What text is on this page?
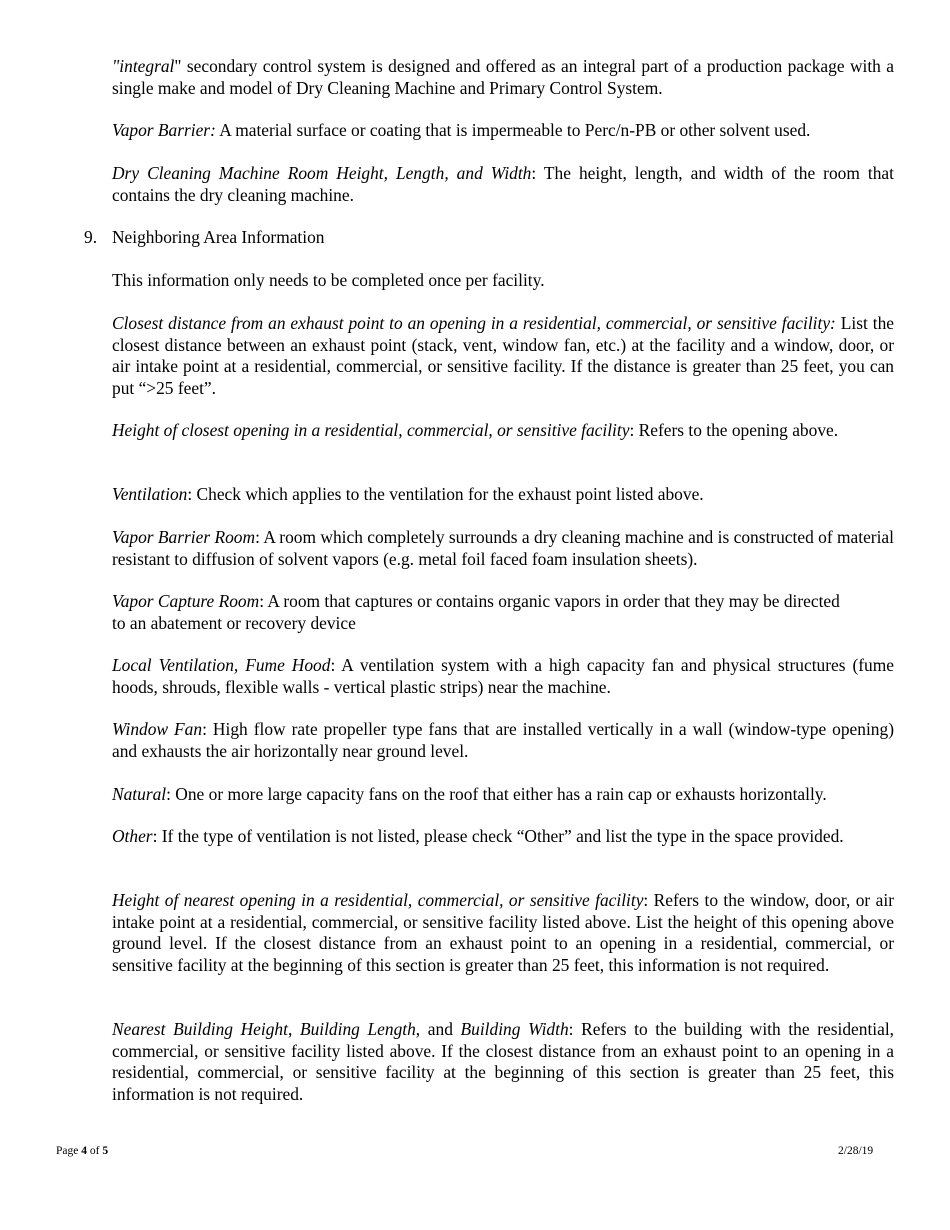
"integral" secondary control system is designed and offered as an integral part of a production package with a single make and model of Dry Cleaning Machine and Primary Control System.

Vapor Barrier: A material surface or coating that is impermeable to Perc/n-PB or other solvent used.

Dry Cleaning Machine Room Height, Length, and Width: The height, length, and width of the room that contains the dry cleaning machine.

9. Neighboring Area Information

This information only needs to be completed once per facility.

Closest distance from an exhaust point to an opening in a residential, commercial, or sensitive facility: List the closest distance between an exhaust point (stack, vent, window fan, etc.) at the facility and a window, door, or air intake point at a residential, commercial, or sensitive facility. If the distance is greater than 25 feet, you can put “>25 feet”.

Height of closest opening in a residential, commercial, or sensitive facility: Refers to the opening above.

Ventilation: Check which applies to the ventilation for the exhaust point listed above.

Vapor Barrier Room: A room which completely surrounds a dry cleaning machine and is constructed of material resistant to diffusion of solvent vapors (e.g. metal foil faced foam insulation sheets).

Vapor Capture Room: A room that captures or contains organic vapors in order that they may be directed to an abatement or recovery device

Local Ventilation, Fume Hood: A ventilation system with a high capacity fan and physical structures (fume hoods, shrouds, flexible walls - vertical plastic strips) near the machine.

Window Fan: High flow rate propeller type fans that are installed vertically in a wall (window-type opening) and exhausts the air horizontally near ground level.

Natural: One or more large capacity fans on the roof that either has a rain cap or exhausts horizontally.

Other: If the type of ventilation is not listed, please check “Other” and list the type in the space provided.

Height of nearest opening in a residential, commercial, or sensitive facility: Refers to the window, door, or air intake point at a residential, commercial, or sensitive facility listed above. List the height of this opening above ground level. If the closest distance from an exhaust point to an opening in a residential, commercial, or sensitive facility at the beginning of this section is greater than 25 feet, this information is not required.

Nearest Building Height, Building Length, and Building Width: Refers to the building with the residential, commercial, or sensitive facility listed above. If the closest distance from an exhaust point to an opening in a residential, commercial, or sensitive facility at the beginning of this section is greater than 25 feet, this information is not required.

Page 4 of 5	2/28/19
